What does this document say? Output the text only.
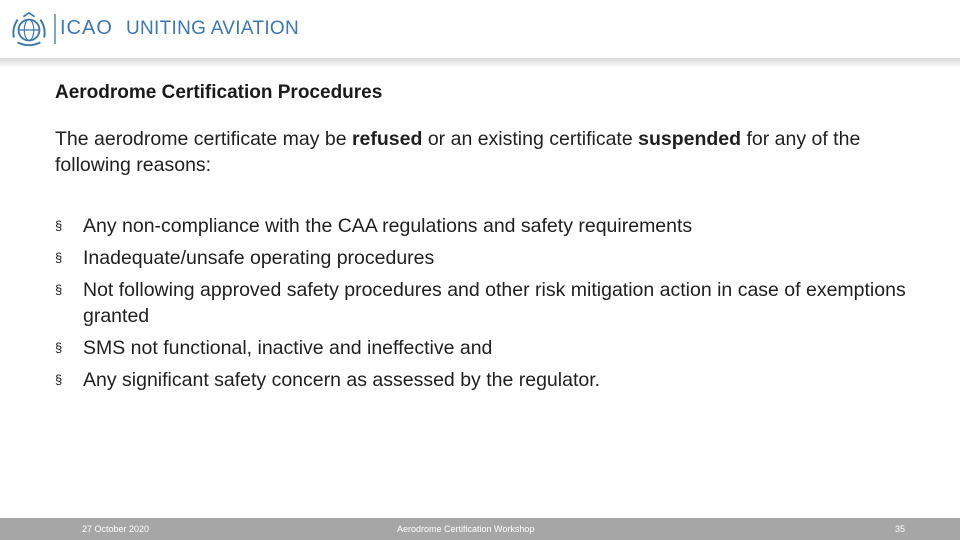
ICAO UNITING AVIATION
Aerodrome Certification Procedures
The aerodrome certificate may be refused or an existing certificate suspended for any of the following reasons:
§ Any non-compliance with the CAA regulations and safety requirements
§ Inadequate/unsafe operating procedures
§ Not following approved safety procedures and other risk mitigation action in case of exemptions granted
§ SMS not functional, inactive and ineffective and
§ Any significant safety concern as assessed by the regulator.
27 October 2020	Aerodrome Certification Workshop	35
